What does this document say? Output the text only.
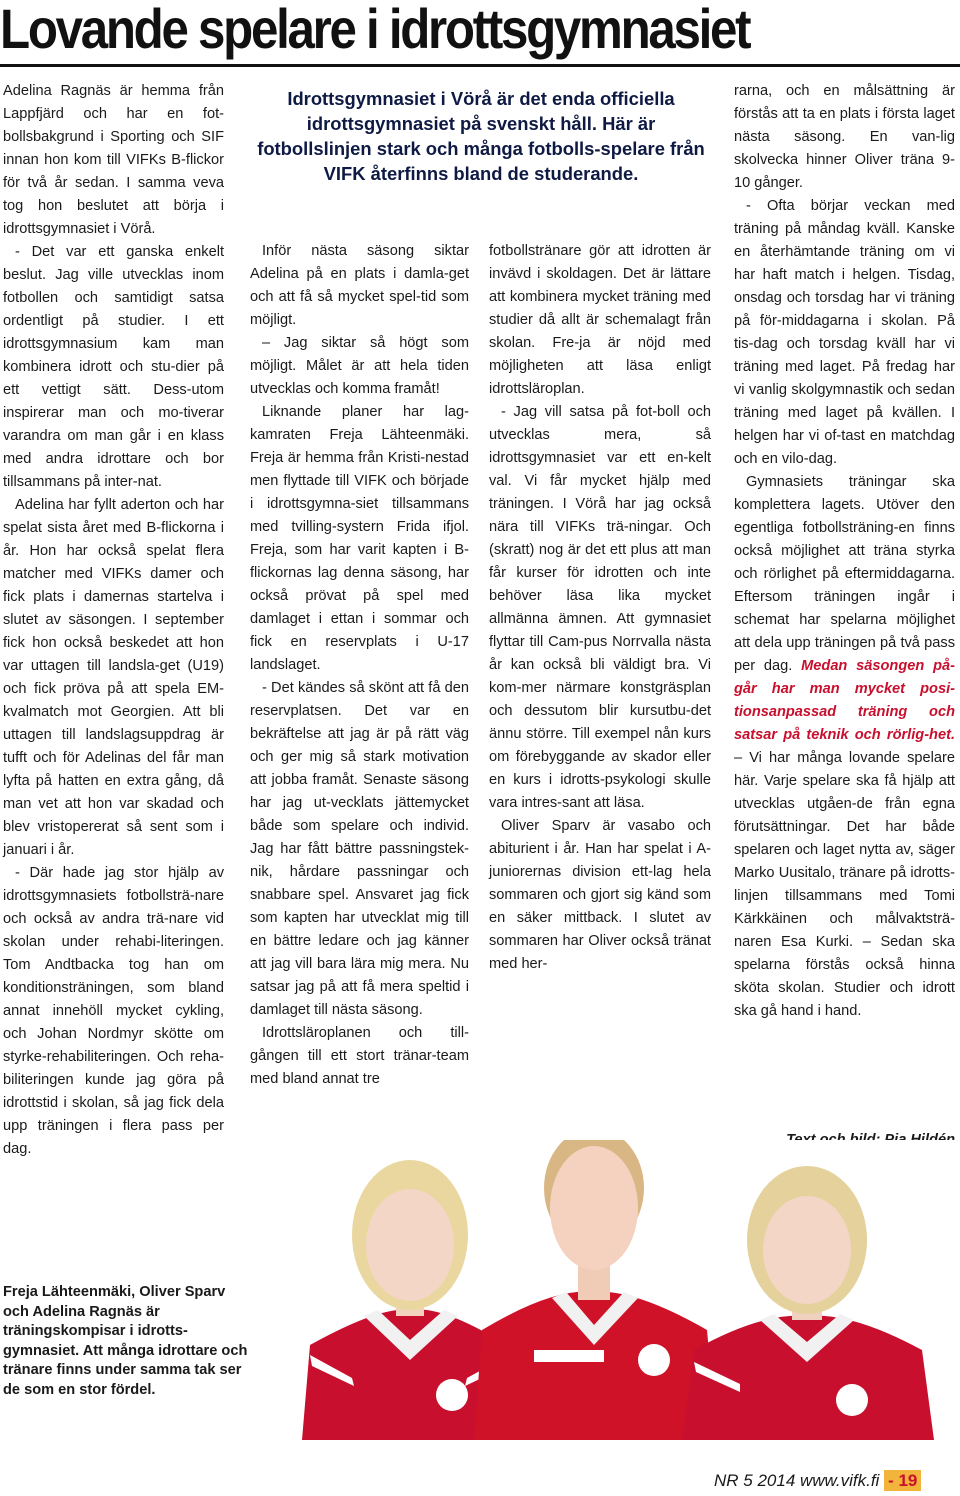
Lovande spelare i idrottsgymnasiet

Idrottsgymnasiet i Vörå är det enda officiella idrottsgymnasiet på svenskt håll. Här är fotbollslinjen stark och många fotbolls-spelare från VIFK återfinns bland de studerande.

Adelina Ragnäs är hemma från Lappfjärd och har en fot-bollsbakgrund i Sporting och SIF innan hon kom till VIFKs B-flickor för två år sedan. I samma veva tog hon beslutet att börja i idrottsgymnasiet i Vörå.

- Det var ett ganska enkelt beslut. Jag ville utvecklas inom fotbollen och samtidigt satsa ordentligt på studier. I ett idrottsgymnasium kam man kombinera idrott och stu-dier på ett vettigt sätt. Dess-utom inspirerar man och mo-tiverar varandra om man går i en klass med andra idrottare och bor tillsammans på inter-nat.

Adelina har fyllt aderton och har spelat sista året med B-flickorna i år. Hon har också spelat flera matcher med VIFKs damer och fick plats i damernas startelva i slutet av säsongen. I september fick hon också beskedet att hon var uttagen till landsla-get (U19) och fick pröva på att spela EM-kvalmatch mot Georgien. Att bli uttagen till landslagsuppdrag är tufft och för Adelinas del får man lyfta på hatten en extra gång, då man vet att hon var skadad och blev vristopererat så sent som i januari i år.

- Där hade jag stor hjälp av idrottsgymnasiets fotbollsträ-nare och också av andra trä-nare vid skolan under rehabi-literingen. Tom Andtbacka tog han om konditionsträningen, som bland annat innehöll mycket cykling, och Johan Nordmyr skötte om styrke-rehabiliteringen. Och reha-biliteringen kunde jag göra på idrottstid i skolan, så jag fick dela upp träningen i flera pass per dag.

Inför nästa säsong siktar Adelina på en plats i damla-get och att få så mycket spel-tid som möjligt.

– Jag siktar så högt som möjligt. Målet är att hela tiden utvecklas och komma framåt!

Liknande planer har lag-kamraten Freja Lähteenmäki. Freja är hemma från Kristi-nestad men flyttade till VIFK och började i idrottsgymna-siet tillsammans med tvilling-systern Frida ifjol. Freja, som har varit kapten i B-flickornas lag denna säsong, har också prövat på spel med damlaget i ettan i sommar och fick en reservplats i U-17 landslaget.

- Det kändes så skönt att få den reservplatsen. Det var en bekräftelse att jag är på rätt väg och ger mig så stark motivation att jobba framåt. Senaste säsong har jag ut-vecklats jättemycket både som spelare och individ. Jag har fått bättre passningstek-nik, hårdare passningar och snabbare spel. Ansvaret jag fick som kapten har utvecklat mig till en bättre ledare och jag känner att jag vill bara lära mig mera. Nu satsar jag på att få mera speltid i damlaget till nästa säsong.

Idrottsläroplanen och till-gången till ett stort tränar-team med bland annat tre

fotbollstränare gör att idrotten är invävd i skoldagen. Det är lättare att kombinera mycket träning med studier då allt är schemalagt från skolan. Fre-ja är nöjd med möjligheten att läsa enligt idrottsläroplan.

- Jag vill satsa på fot-boll och utvecklas mera, så idrottsgymnasiet var ett en-kelt val. Vi får mycket hjälp med träningen. I Vörå har jag också nära till VIFKs trä-ningar. Och (skratt) nog är det ett plus att man får kurser för idrotten och inte behöver läsa lika mycket allmänna ämnen. Att gymnasiet flyttar till Cam-pus Norrvalla nästa år kan också bli väldigt bra. Vi kom-mer närmare konstgräsplan och dessutom blir kursutbu-det ännu större. Till exempel nån kurs om förebyggande av skador eller en kurs i idrotts-psykologi skulle vara intres-sant att läsa.

Oliver Sparv är vasabo och abiturient i år. Han har spelat i A-juniorernas division ett-lag hela sommaren och gjort sig känd som en säker mittback. I slutet av sommaren har Oliver också tränat med her-

rarna, och en målsättning är förstås att ta en plats i första laget nästa säsong. En van-lig skolvecka hinner Oliver träna 9-10 gånger.

- Ofta börjar veckan med träning på måndag kväll. Kanske en återhämtande träning om vi har haft match i helgen. Tisdag, onsdag och torsdag har vi träning på för-middagarna i skolan. På tis-dag och torsdag kväll har vi träning med laget. På fredag har vi vanlig skolgymnastik och sedan träning med laget på kvällen. I helgen har vi of-tast en matchdag och en vilo-dag.

Gymnasiets träningar ska komplettera lagets. Utöver den egentliga fotbollsträning-en finns också möjlighet att träna styrka och rörlighet på eftermiddagarna. Eftersom träningen ingår i schemat har spelarna möjlighet att dela upp träningen på två pass per dag. Medan säsongen på-går har man mycket posi-tionsanpassad träning och satsar på teknik och rörlig-het. – Vi har många lovande spelare här. Varje spelare ska få hjälp att utvecklas utgåen-de från egna förutsättningar. Det har både spelaren och laget nytta av, säger Marko Uusitalo, tränare på idrotts-linjen tillsammans med Tomi Kärkkäinen och målvaktsträ-naren Esa Kurki. – Sedan ska spelarna förstås också hinna sköta skolan. Studier och idrott ska gå hand i hand.

Freja Lähteenmäki, Oliver Sparv och Adelina Ragnäs är träningskompisar i idrotts-gymnasiet. Att många idrottare och tränare finns under samma tak ser de som en stor fördel.

NR 5 2014 www.vifk.fi - 19
